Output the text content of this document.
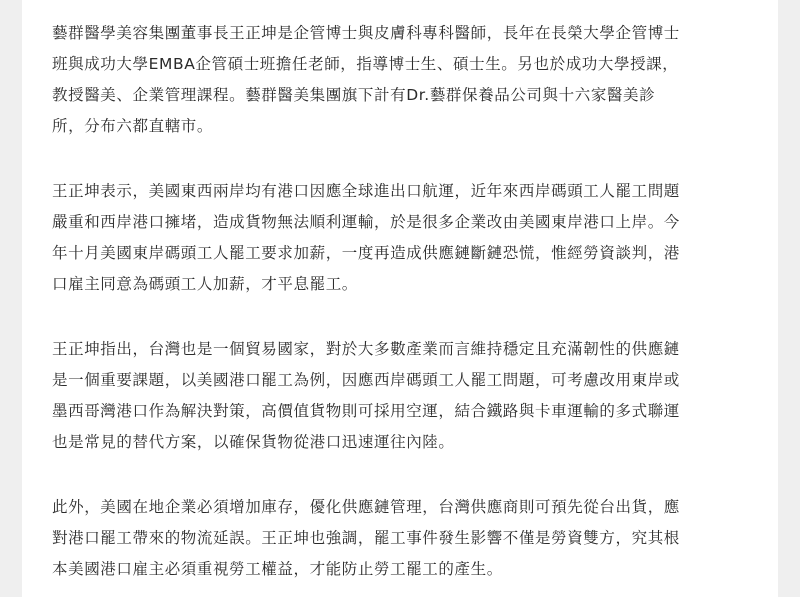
藝群醫學美容集團董事長王正坤是企管博士與皮膚科專科醫師，長年在長榮大學企管博士
班與成功大學EMBA企管碩士班擔任老師，指導博士生、碩士生。另也於成功大學授課，
教授醫美、企業管理課程。藝群醫美集團旗下計有Dr.藝群保養品公司與十六家醫美診
所，分布六都直轄市。

王正坤表示，美國東西兩岸均有港口因應全球進出口航運，近年來西岸碼頭工人罷工問題
嚴重和西岸港口擁堵，造成貨物無法順利運輸，於是很多企業改由美國東岸港口上岸。今
年十月美國東岸碼頭工人罷工要求加薪，一度再造成供應鏈斷鏈恐慌，惟經勞資談判，港
口雇主同意為碼頭工人加薪，才平息罷工。

王正坤指出，台灣也是一個貿易國家，對於大多數產業而言維持穩定且充滿韌性的供應鏈
是一個重要課題，以美國港口罷工為例，因應西岸碼頭工人罷工問題，可考慮改用東岸或
墨西哥灣港口作為解決對策，高價值貨物則可採用空運，結合鐵路與卡車運輸的多式聯運
也是常見的替代方案，以確保貨物從港口迅速運往內陸。

此外，美國在地企業必須增加庫存，優化供應鏈管理，台灣供應商則可預先從台出貨，應
對港口罷工帶來的物流延誤。王正坤也強調，罷工事件發生影響不僅是勞資雙方，究其根
本美國港口雇主必須重視勞工權益，才能防止勞工罷工的產生。
